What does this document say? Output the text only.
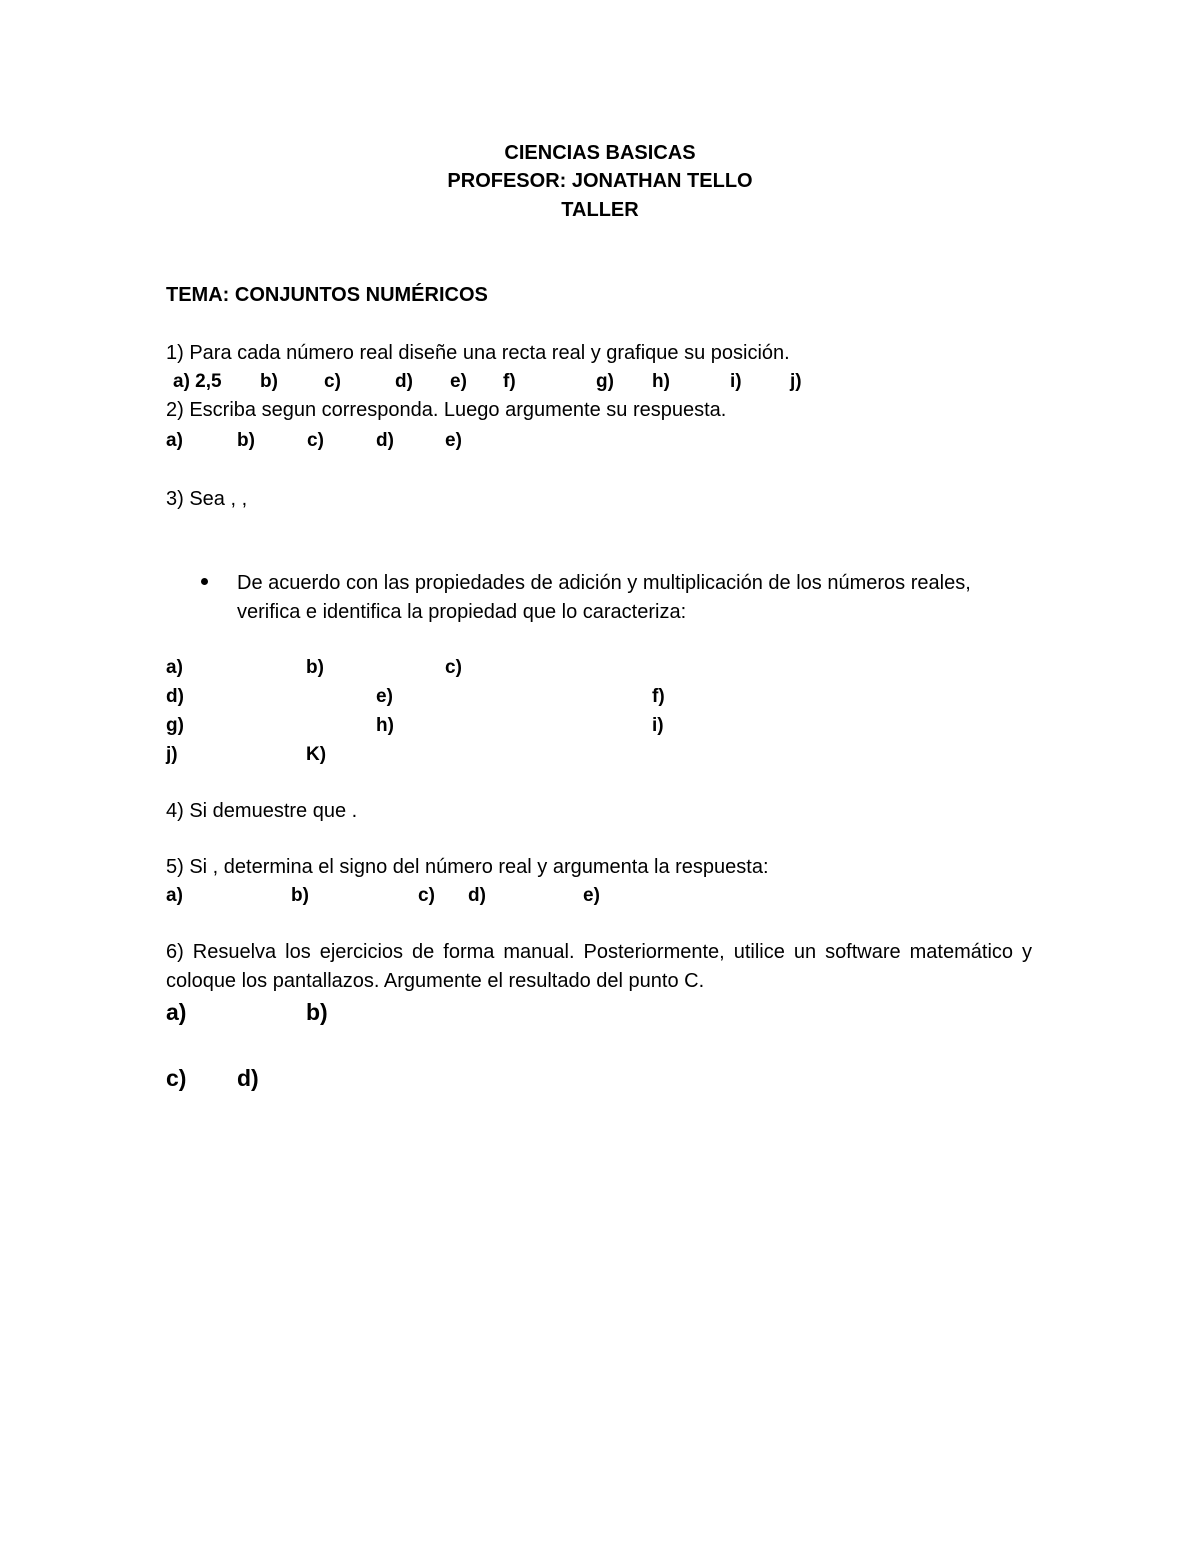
CIENCIAS BASICAS
PROFESOR: JONATHAN TELLO
TALLER
TEMA: CONJUNTOS NUMÉRICOS
1) Para cada número real diseñe una recta real y grafique su posición.
a) 2,5 b) c)	d) e) f)	g) h)	i)	j)
2) Escriba segun corresponda. Luego argumente su respuesta.
a)	b)	c)	d)	e)
3) Sea , ,
De acuerdo con las propiedades de adición y multiplicación de los números reales,
verifica e identifica la propiedad que lo caracteriza:
a)	b)	c)
d)	e)	f)
g)	h)	i)
j)	K)
4) Si demuestre que .
5) Si , determina el signo del número real y argumenta la respuesta:
a)	b)	c) d)	e)
6) Resuelva los ejercicios de forma manual. Posteriormente, utilice un software matemático y coloque los pantallazos. Argumente el resultado del punto C.
a)	b)
c) d)
